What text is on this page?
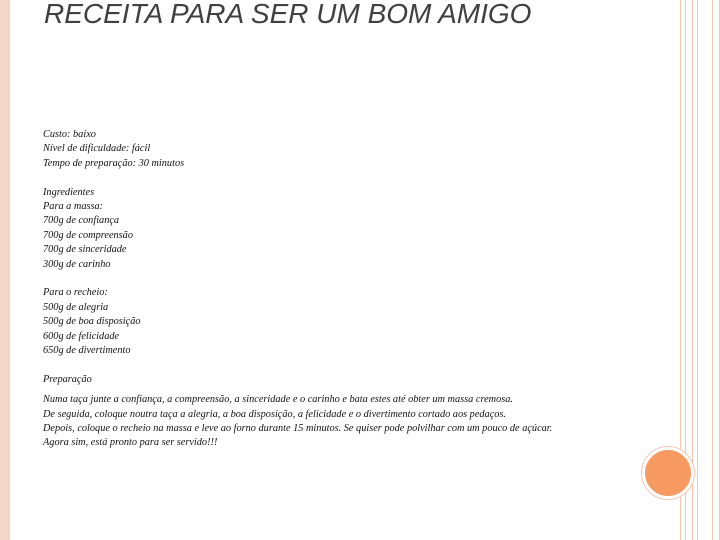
RECEITA PARA SER UM BOM AMIGO
Custo: baixo
Nível de dificuldade: fácil
Tempo de preparação: 30 minutos
Ingredientes
Para a massa:
700g de confiança
700g de compreensão
700g de sinceridade
300g de carinho
Para o recheio:
500g de alegria
500g de boa disposição
600g de felicidade
650g de divertimento
Preparação
Numa taça junte a confiança, a compreensão, a sinceridade e o carinho e bata estes até obter um massa cremosa.
De seguida, coloque noutra taça a alegria, a boa disposição, a felicidade e o divertimento cortado aos pedaços.
Depois, coloque o recheio na massa e leve ao forno durante 15 minutos. Se quiser pode polvilhar com um pouco de açúcar.
Agora sim, está pronto para ser servido!!!
